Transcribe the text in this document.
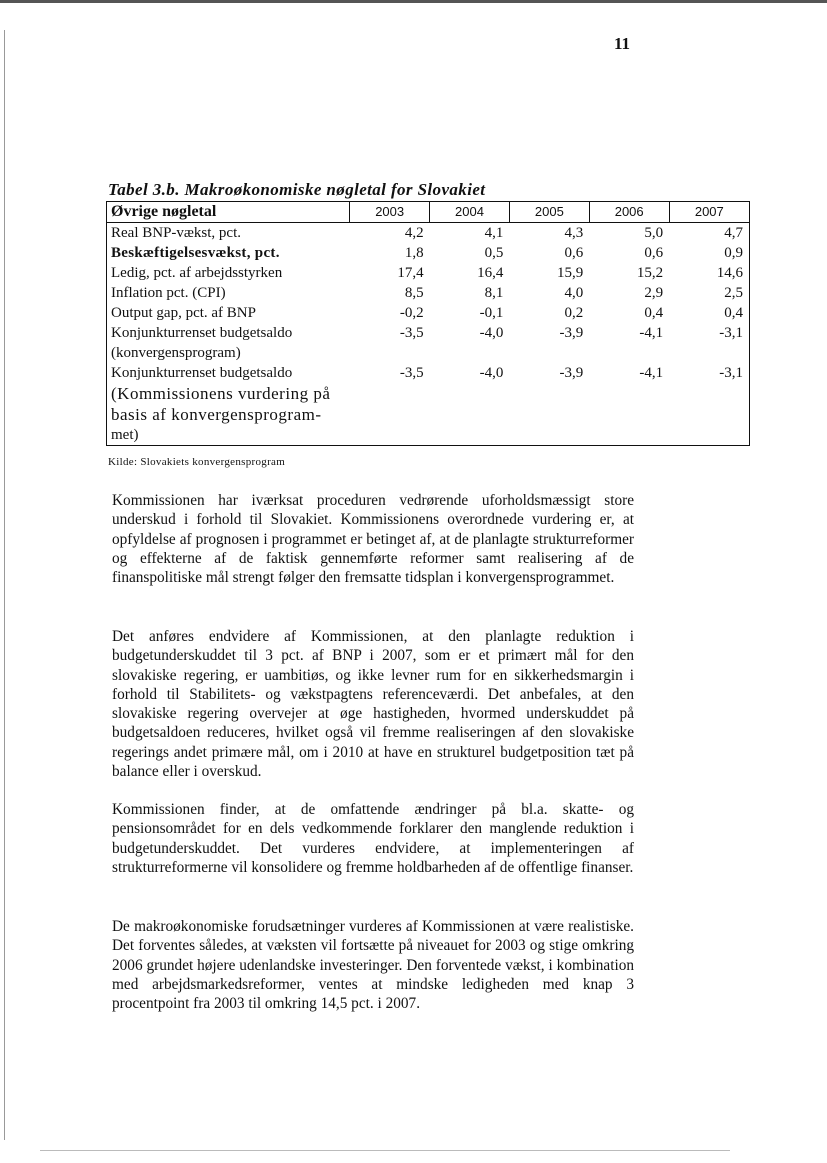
11
Tabel 3.b. Makroøkonomiske nøgletal for Slovakiet
Øvrige nøgletal	2003	2004	2005	2006	2007
Real BNP-vækst, pct.	4,2	4,1	4,3	5,0	4,7
Beskæftigelsesvækst, pct.	1,8	0,5	0,6	0,6	0,9
Ledig, pct. af arbejdsstyrken	17,4	16,4	15,9	15,2	14,6
Inflation pct. (CPI)	8,5	8,1	4,0	2,9	2,5
Output gap, pct. af BNP	-0,2	-0,1	0,2	0,4	0,4

Konjunkturrenset budgetsaldo
(konvergensprogram)	-3,5	-4,0	-3,9	-4,1	-3,1

Konjunkturrenset budgetsaldo
(Kommissionens vurdering på basis af konvergensprogram-
met)	-3,5	-4,0	-3,9	-4,1	-3,1
Kilde: Slovakiets konvergensprogram

Kommissionen har iværksat proceduren vedrørende uforholdsmæssigt store underskud i forhold til Slovakiet. Kommissionens overordnede vurdering er, at opfyldelse af prognosen i programmet er betinget af, at de planlagte strukturreformer og effekterne af de faktisk gennemførte reformer samt realisering af de finanspolitiske mål strengt følger den fremsatte tidsplan i konvergensprogrammet.

Det anføres endvidere af Kommissionen, at den planlagte reduktion i budgetunderskuddet til 3 pct. af BNP i 2007, som er et primært mål for den slovakiske regering, er uambitiøs, og ikke levner rum for en sikkerhedsmargin i forhold til Stabilitets- og vækstpagtens referenceværdi. Det anbefales, at den slovakiske regering overvejer at øge hastigheden, hvormed underskuddet på budgetsaldoen reduceres, hvilket også vil fremme realiseringen af den slovakiske regerings andet primære mål, om i 2010 at have en strukturel budgetposition tæt på balance eller i overskud.

Kommissionen finder, at de omfattende ændringer på bl.a. skatte- og pensionsområdet for en dels vedkommende forklarer den manglende reduktion i budgetunderskuddet. Det vurderes endvidere, at implementeringen af strukturreformerne vil konsolidere og fremme holdbarheden af de offentlige finanser.

De makroøkonomiske forudsætninger vurderes af Kommissionen at være realistiske. Det forventes således, at væksten vil fortsætte på niveauet for 2003 og stige omkring 2006 grundet højere udenlandske investeringer. Den forventede vækst, i kombination med arbejdsmarkedsreformer, ventes at mindske ledigheden med knap 3 procentpoint fra 2003 til omkring 14,5 pct. i 2007.
